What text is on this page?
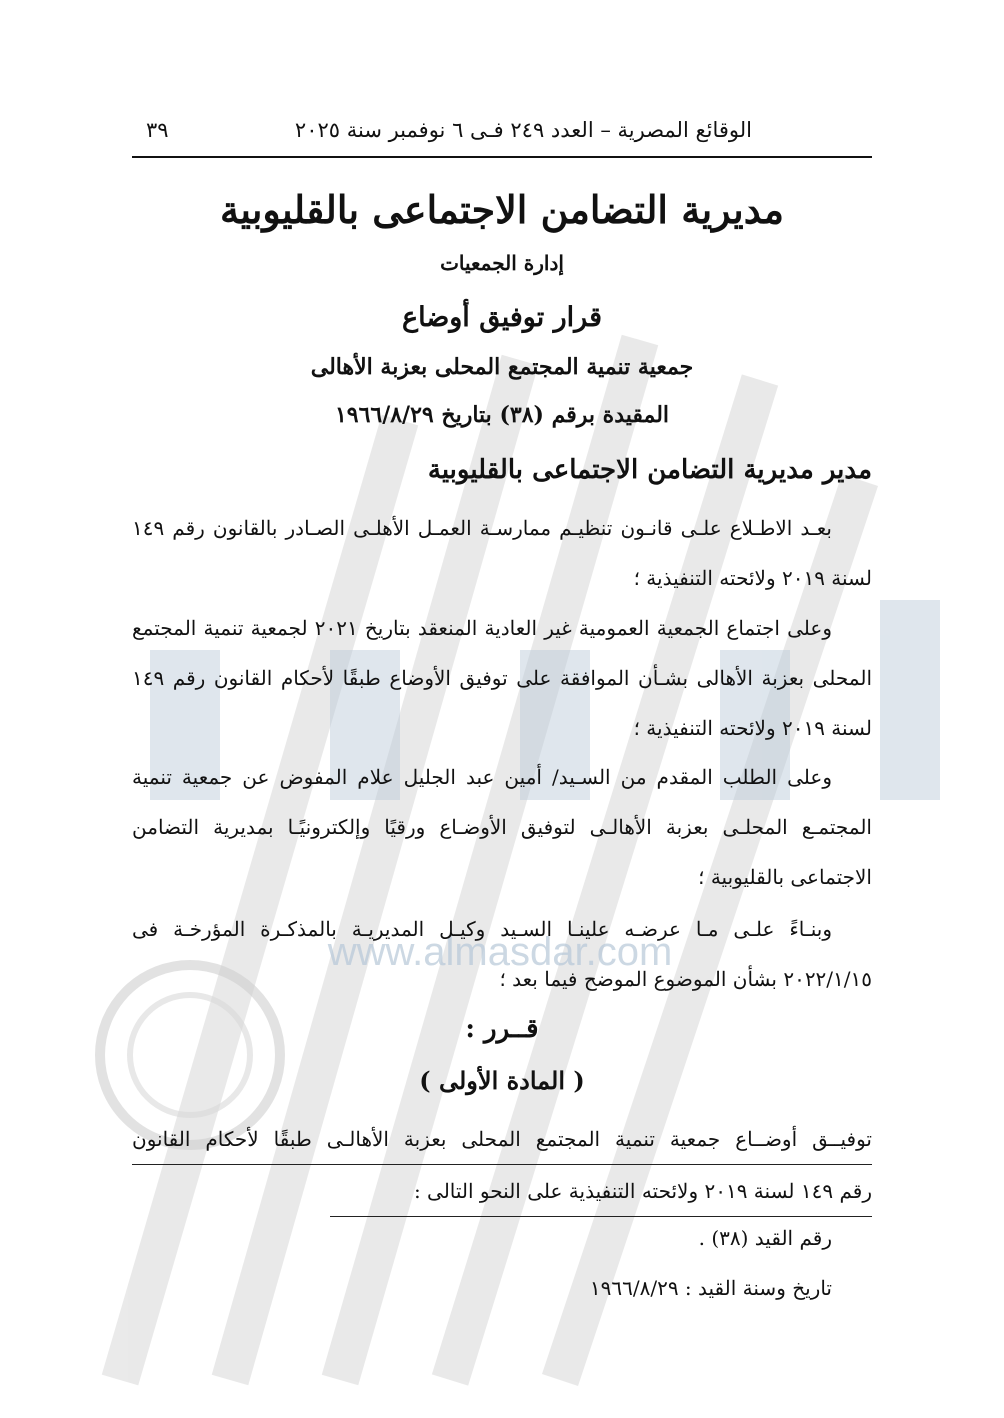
www.almasdar.com
الوقائع المصرية – العدد ٢٤٩ فـى ٦ نوفمبر سنة ٢٠٢٥
٣٩
مديرية التضامن الاجتماعى بالقليوبية
إدارة الجمعيات
قرار توفيق أوضاع
جمعية تنمية المجتمع المحلى بعزبة الأهالى
المقيدة برقم (٣٨) بتاريخ ١٩٦٦/٨/٢٩
مدير مديرية التضامن الاجتماعى بالقليوبية
بعـد الاطـلاع علـى قانـون تنظيـم ممارسـة العمـل الأهلـى الصـادر بالقانون رقم ١٤٩ لسنة ٢٠١٩ ولائحته التنفيذية ؛
وعلى اجتماع الجمعية العمومية غير العادية المنعقد بتاريخ ٢٠٢١ لجمعية تنمية المجتمع المحلى بعزبة الأهالى بشـأن الموافقة على توفيق الأوضاع طبقًا لأحكام القانون رقم ١٤٩ لسنة ٢٠١٩ ولائحته التنفيذية ؛
وعلى الطلب المقدم من السـيد/ أمين عبد الجليل علام المفوض عن جمعية تنمية المجتمـع المحلـى بعزبة الأهالـى لتوفيق الأوضـاع ورقيًا وإلكترونيًـا بمديرية التضامن الاجتماعى بالقليوبية ؛
وبنـاءً علـى مـا عرضـه علينـا السـيد وكيـل المديريـة بالمذكـرة المؤرخـة فى ٢٠٢٢/١/١٥ بشأن الموضوع الموضح فيما بعد ؛
قــرر :
( المادة الأولى )
توفيــق أوضــاع جمعية تنمية المجتمع المحلى بعزبة الأهالـى طبقًا لأحكام القانون
رقم ١٤٩ لسنة ٢٠١٩ ولائحته التنفيذية على النحو التالى :
رقم القيد (٣٨) .
تاريخ وسنة القيد : ١٩٦٦/٨/٢٩
